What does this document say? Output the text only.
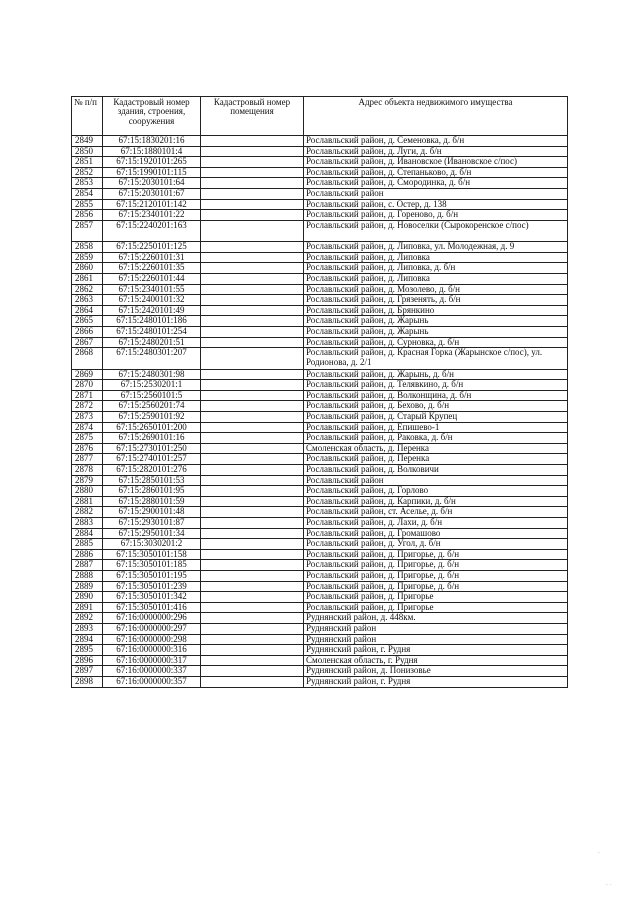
№ п/п	Кадастровый номер здания, строения, сооружения	Кадастровый номер помещения	Адрес объекта недвижимого имущества
2849	67:15:1830201:16		Рославльский район, д. Семеновка, д. б/н
2850	67:15:1880101:4		Рославльский район, д. Луги, д. б/н
2851	67:15:1920101:265		Рославльский район, д. Ивановское (Ивановское с/пос)
2852	67:15:1990101:115		Рославльский район, д. Степаньково, д. б/н
2853	67:15:2030101:64		Рославльский район, д. Смородинка, д. б/н
2854	67:15:2030101:67		Рославльский район
2855	67:15:2120101:142		Рославльский район, с. Остер, д. 138
2856	67:15:2340101:22		Рославльский район, д. Гореново, д. б/н
2857	67:15:2240201:163		Рославльский район, д. Новоселки (Сырокоренское с/пос)
2858	67:15:2250101:125		Рославльский район, д. Липовка, ул. Молодежная, д. 9
2859	67:15:2260101:31		Рославльский район, д. Липовка
2860	67:15:2260101:35		Рославльский район, д. Липовка, д. б/н
2861	67:15:2260101:44		Рославльский район, д. Липовка
2862	67:15:2340101:55		Рославльский район, д. Мозолево, д. б/н
2863	67:15:2400101:32		Рославльский район, д. Грязенять, д. б/н
2864	67:15:2420101:49		Рославльский район, д. Брянкино
2865	67:15:2480101:186		Рославльский район, д. Жарынь
2866	67:15:2480101:254		Рославльский район, д. Жарынь
2867	67:15:2480201:51		Рославльский район, д. Сурновка, д. б/н
2868	67:15:2480301:207		Рославльский район, д. Красная Горка (Жарынское с/пос), ул. Родионова, д. 2/1
2869	67:15:2480301:98		Рославльский район, д. Жарынь, д. б/н
2870	67:15:2530201:1		Рославльский район, д. Телявкино, д. б/н
2871	67:15:2560101:5		Рославльский район, д. Волконщина, д. б/н
2872	67:15:2560201:74		Рославльский район, д. Бехово, д. б/н
2873	67:15:2590101:92		Рославльский район, д. Старый Крупец
2874	67:15:2650101:200		Рославльский район, д. Епишево-1
2875	67:15:2690101:16		Рославльский район, д. Раковка, д. б/н
2876	67:15:2730101:250		Смоленская область, д. Перенка
2877	67:15:2740101:257		Рославльский район, д. Перенка
2878	67:15:2820101:276		Рославльский район, д. Волковичи
2879	67:15:2850101:53		Рославльский район
2880	67:15:2860101:95		Рославльский район, д. Горлово
2881	67:15:2880101:59		Рославльский район, д. Карпики, д. б/н
2882	67:15:2900101:48		Рославльский район, ст. Аселье, д. б/н
2883	67:15:2930101:87		Рославльский район, д. Лахи, д. б/н
2884	67:15:2950101:34		Рославльский район, д. Громашово
2885	67:15:3030201:2		Рославльский район, д. Угол, д. б/н
2886	67:15:3050101:158		Рославльский район, д. Пригорье, д. б/н
2887	67:15:3050101:185		Рославльский район, д. Пригорье, д. б/н
2888	67:15:3050101:195		Рославльский район, д. Пригорье, д. б/н
2889	67:15:3050101:239		Рославльский район, д. Пригорье, д. б/н
2890	67:15:3050101:342		Рославльский район, д. Пригорье
2891	67:15:3050101:416		Рославльский район, д. Пригорье
2892	67:16:0000000:296		Руднянский район, д. 448км.
2893	67:16:0000000:297		Руднянский район
2894	67:16:0000000:298		Руднянский район
2895	67:16:0000000:316		Руднянский район, г. Рудня
2896	67:16:0000000:317		Смоленская область, г. Рудня
2897	67:16:0000000:337		Руднянский район, д. Понизовье
2898	67:16:0000000:357		Руднянский район, г. Рудня
·
· ·
